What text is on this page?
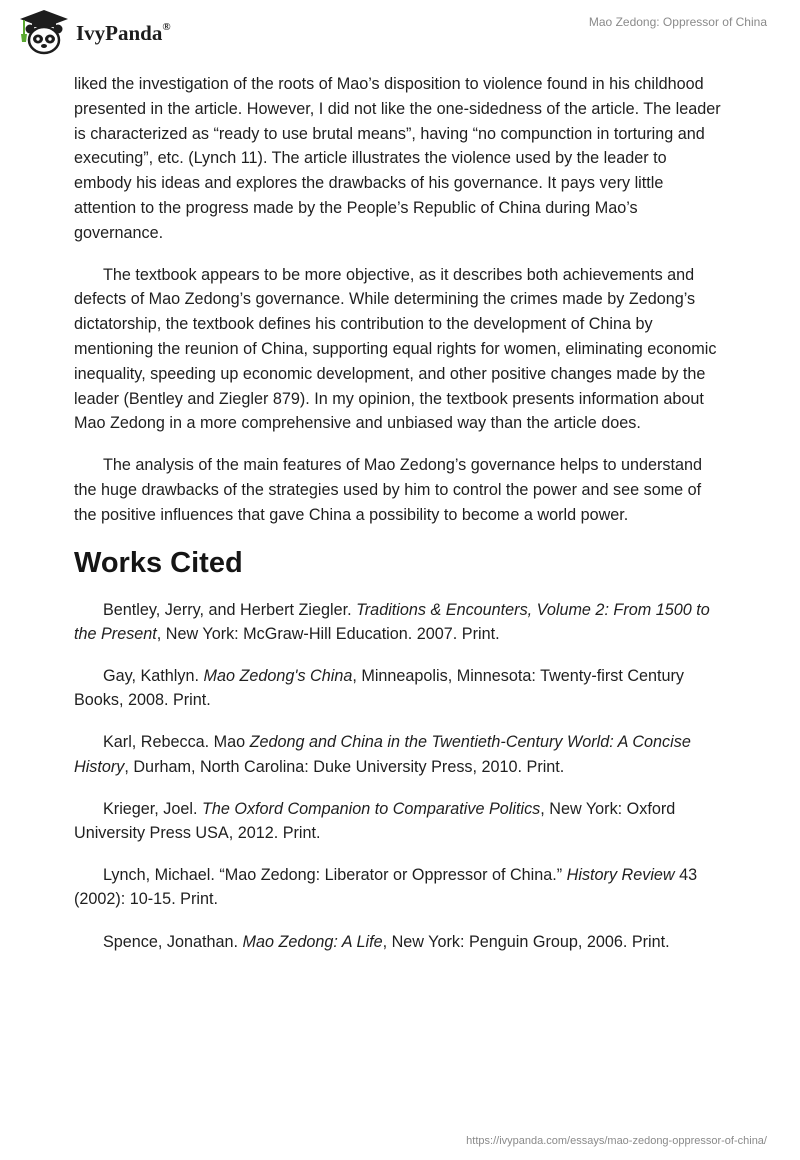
IvyPanda®	Mao Zedong: Oppressor of China

liked the investigation of the roots of Mao’s disposition to violence found in his childhood presented in the article. However, I did not like the one-sidedness of the article. The leader is characterized as “ready to use brutal means”, having “no compunction in torturing and executing”, etc. (Lynch 11). The article illustrates the violence used by the leader to embody his ideas and explores the drawbacks of his governance. It pays very little attention to the progress made by the People’s Republic of China during Mao’s governance.

The textbook appears to be more objective, as it describes both achievements and defects of Mao Zedong’s governance. While determining the crimes made by Zedong’s dictatorship, the textbook defines his contribution to the development of China by mentioning the reunion of China, supporting equal rights for women, eliminating economic inequality, speeding up economic development, and other positive changes made by the leader (Bentley and Ziegler 879). In my opinion, the textbook presents information about Mao Zedong in a more comprehensive and unbiased way than the article does.

The analysis of the main features of Mao Zedong’s governance helps to understand the huge drawbacks of the strategies used by him to control the power and see some of the positive influences that gave China a possibility to become a world power.

Works Cited

Bentley, Jerry, and Herbert Ziegler. Traditions & Encounters, Volume 2: From 1500 to the Present, New York: McGraw-Hill Education. 2007. Print.

Gay, Kathlyn. Mao Zedong's China, Minneapolis, Minnesota: Twenty-first Century Books, 2008. Print.

Karl, Rebecca. Mao Zedong and China in the Twentieth-Century World: A Concise History, Durham, North Carolina: Duke University Press, 2010. Print.

Krieger, Joel. The Oxford Companion to Comparative Politics, New York: Oxford University Press USA, 2012. Print.

Lynch, Michael. “Mao Zedong: Liberator or Oppressor of China.” History Review 43 (2002): 10-15. Print.

Spence, Jonathan. Mao Zedong: A Life, New York: Penguin Group, 2006. Print.

https://ivypanda.com/essays/mao-zedong-oppressor-of-china/
